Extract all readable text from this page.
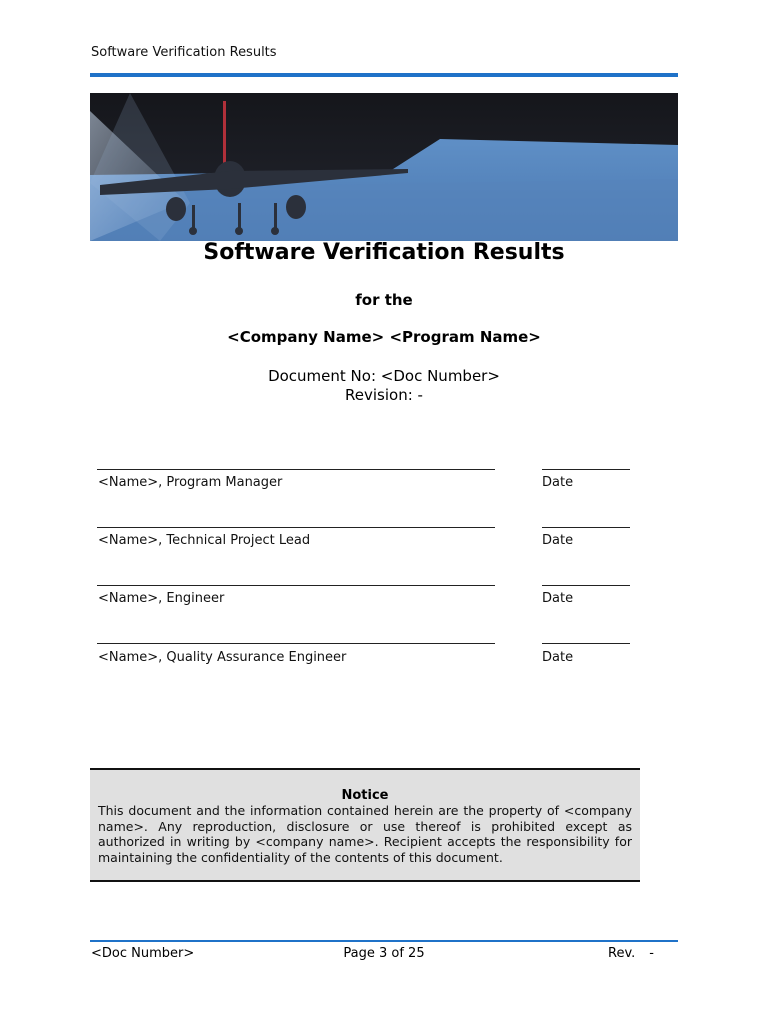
Software Verification Results
Software Verification Results
for the
<Company Name> <Program Name>
Document No: <Doc Number>
Revision: -
<Name>, Program Manager	Date
<Name>, Technical Project Lead	Date
<Name>, Engineer	Date
<Name>, Quality Assurance Engineer	Date
Notice
This document and the information contained herein are the property of <company name>. Any reproduction, disclosure or use thereof is prohibited except as authorized in writing by <company name>. Recipient accepts the responsibility for maintaining the confidentiality of the contents of this document.
<Doc Number>	Page 3 of 25	Rev. -
